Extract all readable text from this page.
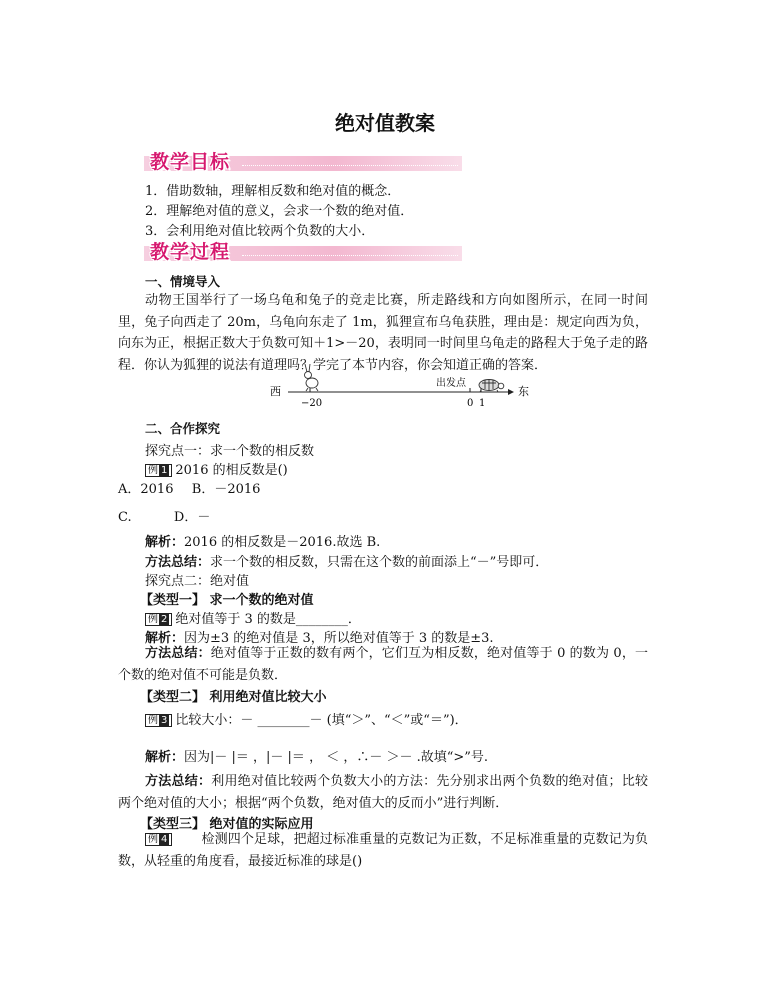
绝对值教案
教学目标
1．借助数轴，理解相反数和绝对值的概念．
2．理解绝对值的意义，会求一个数的绝对值．
3．会利用绝对值比较两个负数的大小．
教学过程
一、情境导入
动物王国举行了一场乌龟和兔子的竞走比赛，所走路线和方向如图所示，在同一时间里，兔子向西走了 20m，乌龟向东走了 1m，狐狸宣布乌龟获胜，理由是：规定向西为负，向东为正，根据正数大于负数可知＋1>－20，表明同一时间里乌龟走的路程大于兔子走的路程．你认为狐狸的说法有道理吗？学完了本节内容，你会知道正确的答案．
西	东
−20	0 1
出发点
二、合作探究
探究点一：求一个数的相反数
例 1 2016 的相反数是()
A．2016 B．－2016
C.	D．－
解析：2016 的相反数是－2016.故选 B.
方法总结：求一个数的相反数，只需在这个数的前面添上“－”号即可．
探究点二：绝对值
【类型一】 求一个数的绝对值
例 2 绝对值等于 3 的数是________．
解析：因为±3 的绝对值是 3，所以绝对值等于 3 的数是±3.
方法总结：绝对值等于正数的数有两个，它们互为相反数，绝对值等于 0 的数为 0，一个数的绝对值不可能是负数．
【类型二】 利用绝对值比较大小
例 3 比较大小：－ ________－ (填“＞”、“＜”或“＝”)．
解析：因为|－ |＝ ，|－ |＝ ， ＜ ，∴－ ＞－ .故填“>”号.
方法总结：利用绝对值比较两个负数大小的方法：先分别求出两个负数的绝对值；比较两个绝对值的大小；根据“两个负数，绝对值大的反而小”进行判断．
【类型三】 绝对值的实际应用
例 4	检测四个足球，把超过标准重量的克数记为正数，不足标准重量的克数记为负数，从轻重的角度看，最接近标准的球是()
